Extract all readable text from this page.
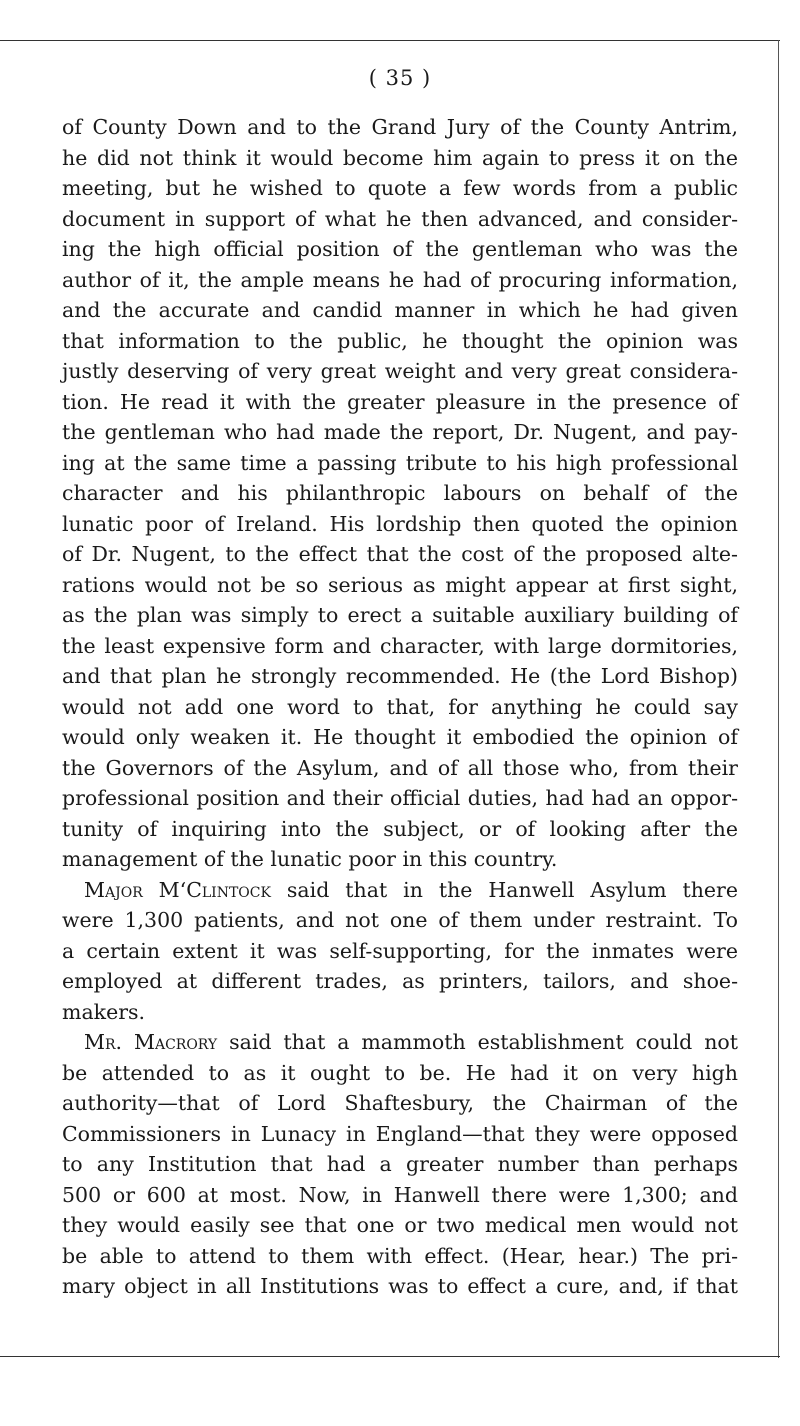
( 35 )
of County Down and to the Grand Jury of the County Antrim,
he did not think it would become him again to press it on the
meeting, but he wished to quote a few words from a public
document in support of what he then advanced, and consider-
ing the high official position of the gentleman who was the
author of it, the ample means he had of procuring information,
and the accurate and candid manner in which he had given
that information to the public, he thought the opinion was
justly deserving of very great weight and very great considera-
tion. He read it with the greater pleasure in the presence of
the gentleman who had made the report, Dr. Nugent, and pay-
ing at the same time a passing tribute to his high professional
character and his philanthropic labours on behalf of the
lunatic poor of Ireland. His lordship then quoted the opinion
of Dr. Nugent, to the effect that the cost of the proposed alte-
rations would not be so serious as might appear at first sight,
as the plan was simply to erect a suitable auxiliary building of
the least expensive form and character, with large dormitories,
and that plan he strongly recommended. He (the Lord Bishop)
would not add one word to that, for anything he could say
would only weaken it. He thought it embodied the opinion of
the Governors of the Asylum, and of all those who, from their
professional position and their official duties, had had an oppor-
tunity of inquiring into the subject, or of looking after the
management of the lunatic poor in this country.
Major M‘Clintock said that in the Hanwell Asylum there
were 1,300 patients, and not one of them under restraint. To
a certain extent it was self-supporting, for the inmates were
employed at different trades, as printers, tailors, and shoe-
makers.
Mr. Macrory said that a mammoth establishment could not
be attended to as it ought to be. He had it on very high
authority—that of Lord Shaftesbury, the Chairman of the
Commissioners in Lunacy in England—that they were opposed
to any Institution that had a greater number than perhaps
500 or 600 at most. Now, in Hanwell there were 1,300; and
they would easily see that one or two medical men would not
be able to attend to them with effect. (Hear, hear.) The pri-
mary object in all Institutions was to effect a cure, and, if that
